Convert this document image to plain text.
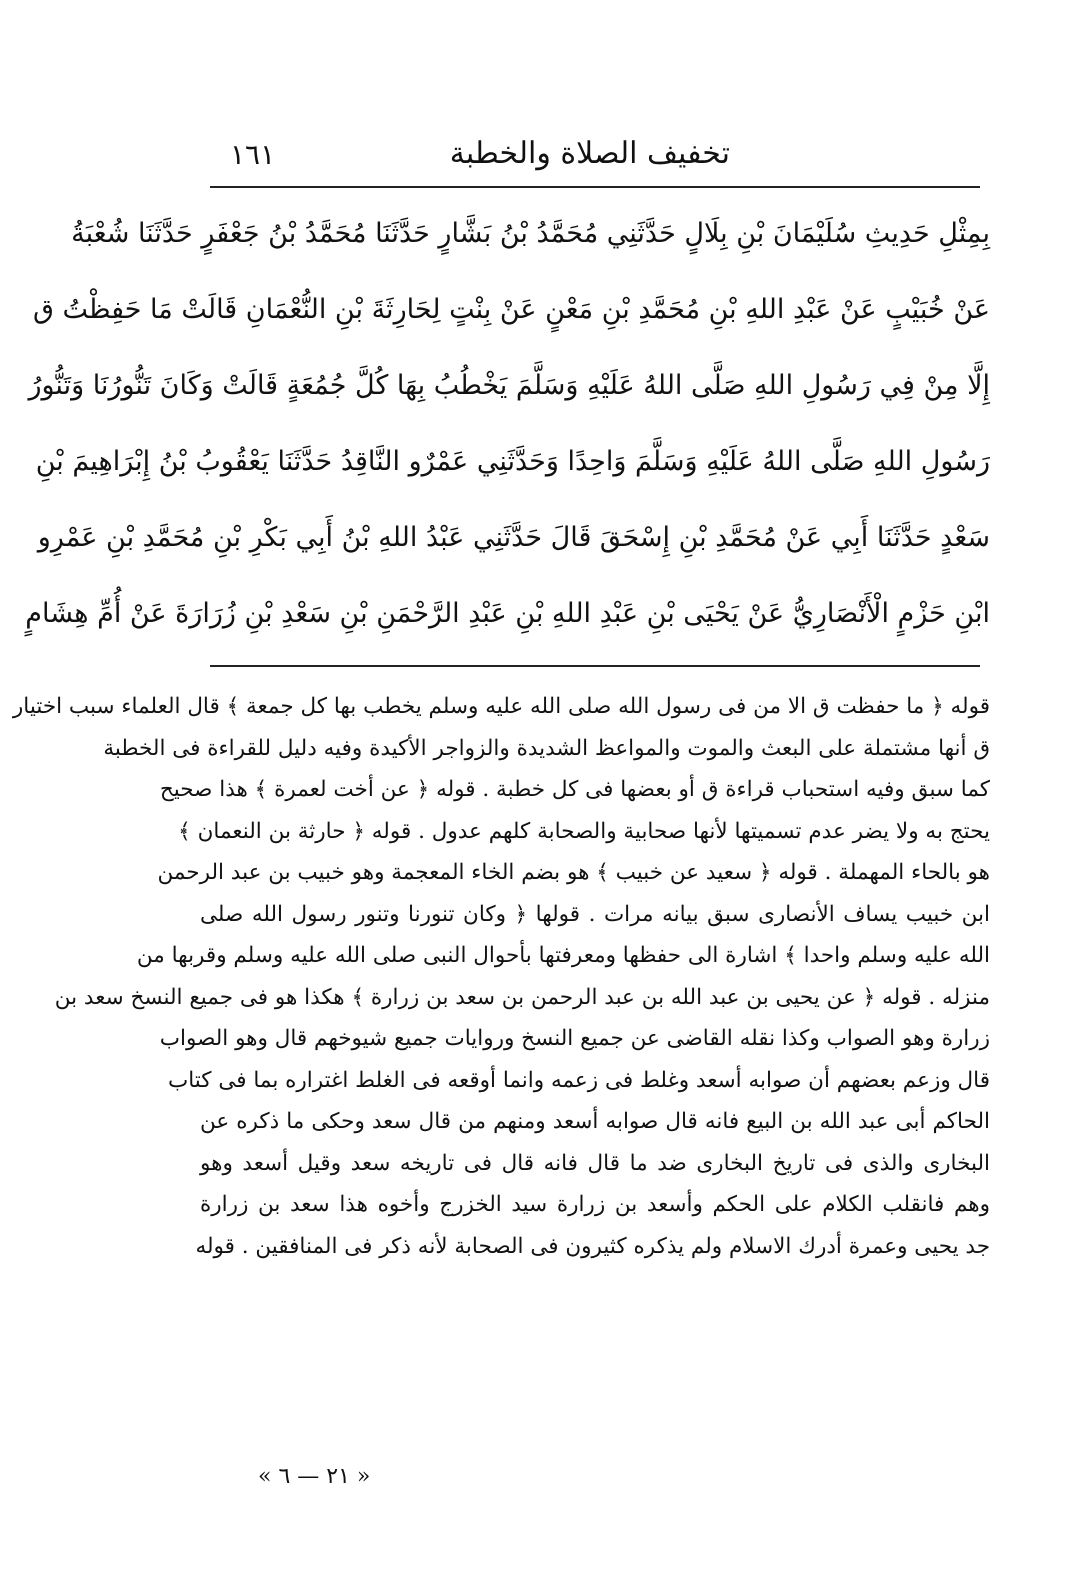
تخفيف الصلاة والخطبة
١٦١
بِمِثْلِ حَدِيثِ سُلَيْمَانَ بْنِ بِلَالٍ حَدَّثَنِي مُحَمَّدُ بْنُ بَشَّارٍ حَدَّثَنَا مُحَمَّدُ بْنُ جَعْفَرٍ حَدَّثَنَا شُعْبَةُ
عَنْ خُبَيْبٍ عَنْ عَبْدِ اللهِ بْنِ مُحَمَّدِ بْنِ مَعْنٍ عَنْ بِنْتٍ لِحَارِثَةَ بْنِ النُّعْمَانِ قَالَتْ مَا حَفِظْتُ ق
إِلَّا مِنْ فِي رَسُولِ اللهِ صَلَّى اللهُ عَلَيْهِ وَسَلَّمَ يَخْطُبُ بِهَا كُلَّ جُمُعَةٍ قَالَتْ وَكَانَ تَنُّورُنَا وَتَنُّورُ
رَسُولِ اللهِ صَلَّى اللهُ عَلَيْهِ وَسَلَّمَ وَاحِدًا وَحَدَّثَنِي عَمْرٌو النَّاقِدُ حَدَّثَنَا يَعْقُوبُ بْنُ إِبْرَاهِيمَ بْنِ
سَعْدٍ حَدَّثَنَا أَبِي عَنْ مُحَمَّدِ بْنِ إِسْحَقَ قَالَ حَدَّثَنِي عَبْدُ اللهِ بْنُ أَبِي بَكْرِ بْنِ مُحَمَّدِ بْنِ عَمْرِو
ابْنِ حَزْمٍ الْأَنْصَارِيُّ عَنْ يَحْيَى بْنِ عَبْدِ اللهِ بْنِ عَبْدِ الرَّحْمَنِ بْنِ سَعْدِ بْنِ زُرَارَةَ عَنْ أُمِّ هِشَامٍ
قوله ﴿ ما حفظت ق الا من فى رسول الله صلى الله عليه وسلم يخطب بها كل جمعة ﴾ قال العلماء سبب اختيار
ق أنها مشتملة على البعث والموت والمواعظ الشديدة والزواجر الأكيدة وفيه دليل للقراءة فى الخطبة
كما سبق وفيه استحباب قراءة ق أو بعضها فى كل خطبة . قوله ﴿ عن أخت لعمرة ﴾ هذا صحيح
يحتج به ولا يضر عدم تسميتها لأنها صحابية والصحابة كلهم عدول . قوله ﴿ حارثة بن النعمان ﴾
هو بالحاء المهملة . قوله ﴿ سعيد عن خبيب ﴾ هو بضم الخاء المعجمة وهو خبيب بن عبد الرحمن
ابن خبيب يساف الأنصارى سبق بيانه مرات . قولها ﴿ وكان تنورنا وتنور رسول الله صلى
الله عليه وسلم واحدا ﴾ اشارة الى حفظها ومعرفتها بأحوال النبى صلى الله عليه وسلم وقربها من
منزله . قوله ﴿ عن يحيى بن عبد الله بن عبد الرحمن بن سعد بن زرارة ﴾ هكذا هو فى جميع النسخ سعد بن
زرارة وهو الصواب وكذا نقله القاضى عن جميع النسخ وروايات جميع شيوخهم قال وهو الصواب
قال وزعم بعضهم أن صوابه أسعد وغلط فى زعمه وانما أوقعه فى الغلط اغتراره بما فى كتاب
الحاكم أبى عبد الله بن البيع فانه قال صوابه أسعد ومنهم من قال سعد وحكى ما ذكره عن
البخارى والذى فى تاريخ البخارى ضد ما قال فانه قال فى تاريخه سعد وقيل أسعد وهو
وهم فانقلب الكلام على الحكم وأسعد بن زرارة سيد الخزرج وأخوه هذا سعد بن زرارة
جد يحيى وعمرة أدرك الاسلام ولم يذكره كثيرون فى الصحابة لأنه ذكر فى المنافقين . قوله
« ٢١ — ٦ »
